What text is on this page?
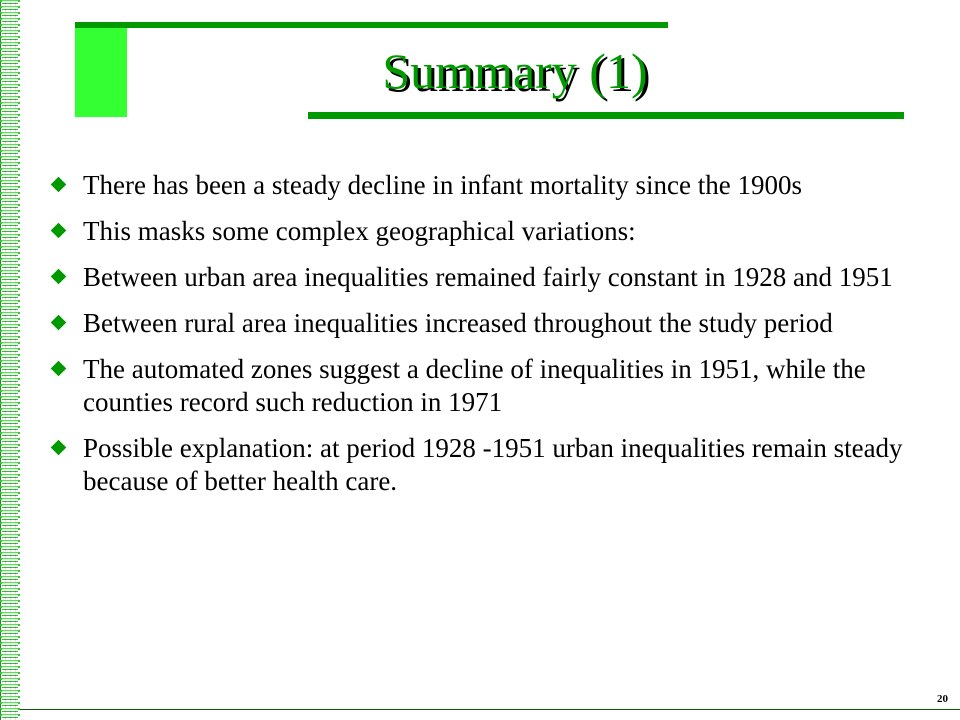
Summary (1)
There has been a steady decline in infant mortality since the 1900s
This masks some complex geographical variations:
Between urban area inequalities remained fairly constant in 1928 and 1951
Between rural area inequalities increased throughout the study period
The automated zones suggest a decline of inequalities in 1951, while the counties record such reduction in 1971
Possible explanation: at period 1928 -1951 urban inequalities remain steady because of better health care.
20
